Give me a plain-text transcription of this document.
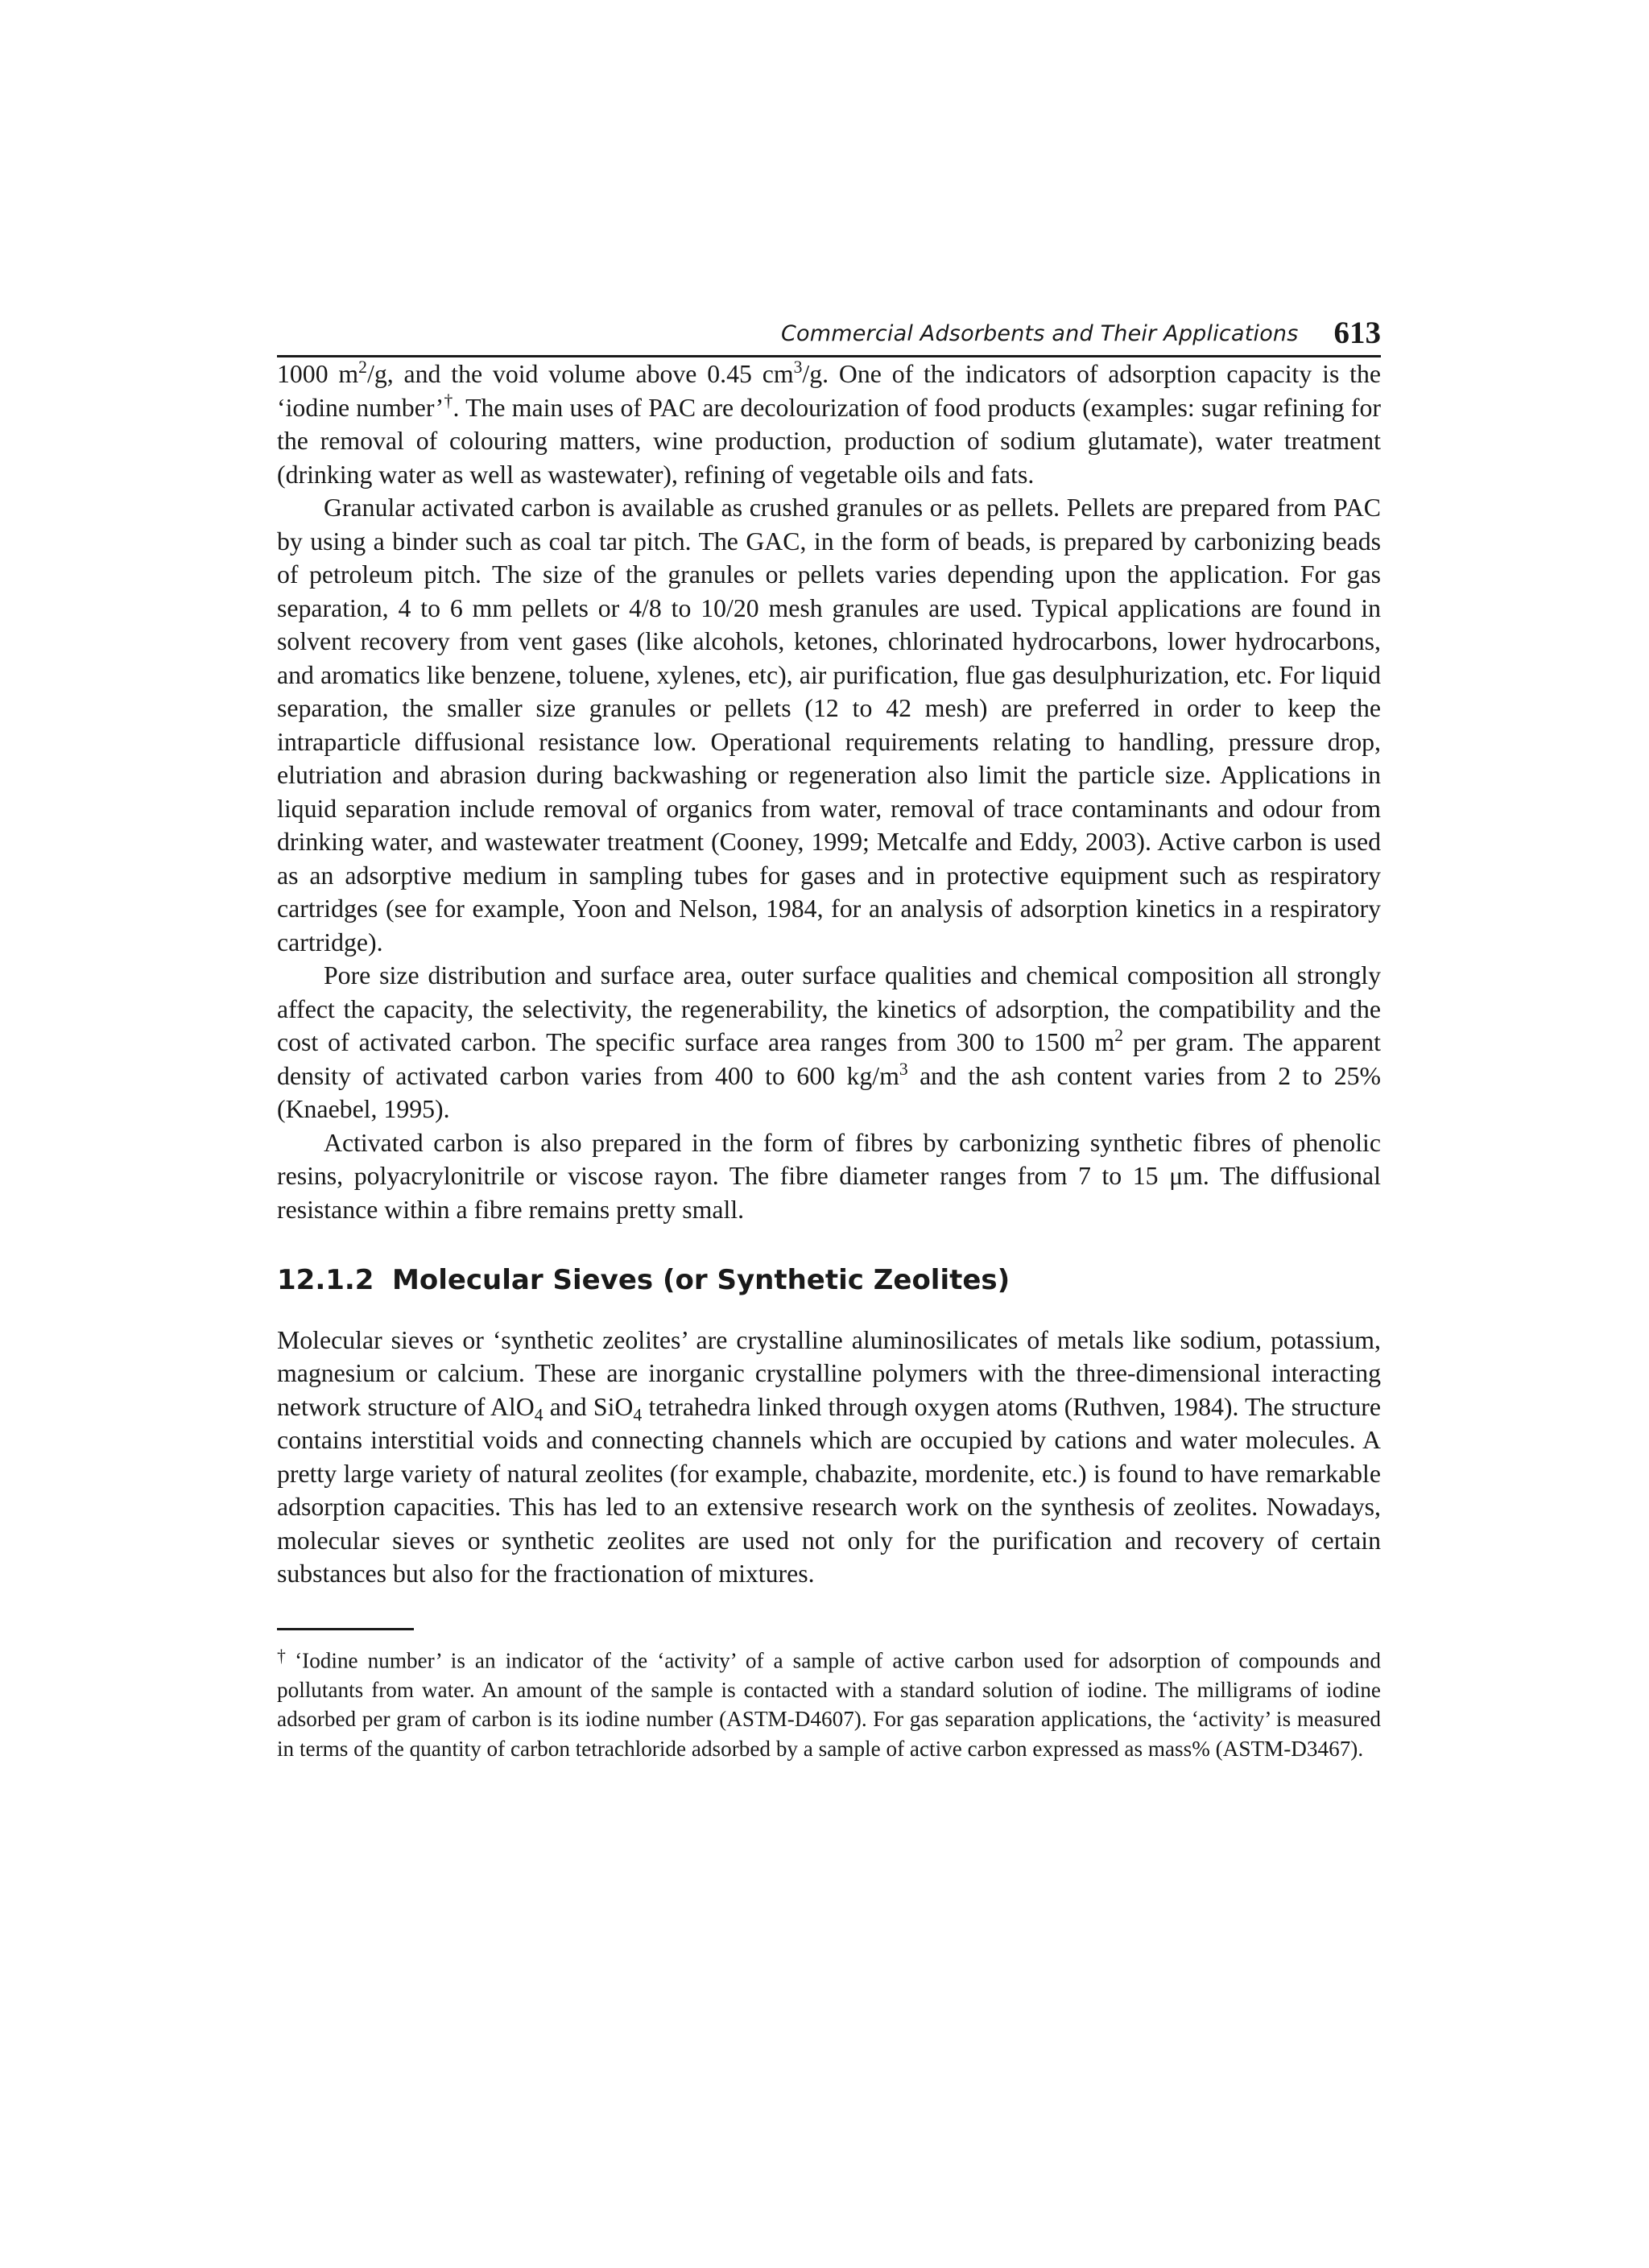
Commercial Adsorbents and Their Applications 613

1000 $m^2/g$, and the void volume above 0.45 $cm^3/g$. One of the indicators of adsorption capacity is the ‘iodine number’†. The main uses of PAC are decolourization of food products (examples: sugar refining for the removal of colouring matters, wine production, production of sodium glutamate), water treatment (drinking water as well as wastewater), refining of vegetable oils and fats.

Granular activated carbon is available as crushed granules or as pellets. Pellets are prepared from PAC by using a binder such as coal tar pitch. The GAC, in the form of beads, is prepared by carbonizing beads of petroleum pitch. The size of the granules or pellets varies depending upon the application. For gas separation, 4 to 6 mm pellets or 4/8 to 10/20 mesh granules are used. Typical applications are found in solvent recovery from vent gases (like alcohols, ketones, chlorinated hydrocarbons, lower hydrocarbons, and aromatics like benzene, toluene, xylenes, etc), air purification, flue gas desulphurization, etc. For liquid separation, the smaller size granules or pellets (12 to 42 mesh) are preferred in order to keep the intraparticle diffusional resistance low. Operational requirements relating to handling, pressure drop, elutriation and abrasion during backwashing or regeneration also limit the particle size. Applications in liquid separation include removal of organics from water, removal of trace contaminants and odour from drinking water, and wastewater treatment (Cooney, 1999; Metcalfe and Eddy, 2003). Active carbon is used as an adsorptive medium in sampling tubes for gases and in protective equipment such as respiratory cartridges (see for example, Yoon and Nelson, 1984, for an analysis of adsorption kinetics in a respiratory cartridge).

Pore size distribution and surface area, outer surface qualities and chemical composition all strongly affect the capacity, the selectivity, the regenerability, the kinetics of adsorption, the compatibility and the cost of activated carbon. The specific surface area ranges from 300 to 1500 $m^2$ per gram. The apparent density of activated carbon varies from 400 to 600 $kg/m^3$ and the ash content varies from 2 to 25% (Knaebel, 1995).

Activated carbon is also prepared in the form of fibres by carbonizing synthetic fibres of phenolic resins, polyacrylonitrile or viscose rayon. The fibre diameter ranges from 7 to 15 μm. The diffusional resistance within a fibre remains pretty small.

12.1.2 Molecular Sieves (or Synthetic Zeolites)

Molecular sieves or ‘synthetic zeolites’ are crystalline aluminosilicates of metals like sodium, potassium, magnesium or calcium. These are inorganic crystalline polymers with the three-dimensional interacting network structure of AlO$_4$ and SiO$_4$ tetrahedra linked through oxygen atoms (Ruthven, 1984). The structure contains interstitial voids and connecting channels which are occupied by cations and water molecules. A pretty large variety of natural zeolites (for example, chabazite, mordenite, etc.) is found to have remarkable adsorption capacities. This has led to an extensive research work on the synthesis of zeolites. Nowadays, molecular sieves or synthetic zeolites are used not only for the purification and recovery of certain substances but also for the fractionation of mixtures.

† ‘Iodine number’ is an indicator of the ‘activity’ of a sample of active carbon used for adsorption of compounds and pollutants from water. An amount of the sample is contacted with a standard solution of iodine. The milligrams of iodine adsorbed per gram of carbon is its iodine number (ASTM-D4607). For gas separation applications, the ‘activity’ is measured in terms of the quantity of carbon tetrachloride adsorbed by a sample of active carbon expressed as mass% (ASTM-D3467).
